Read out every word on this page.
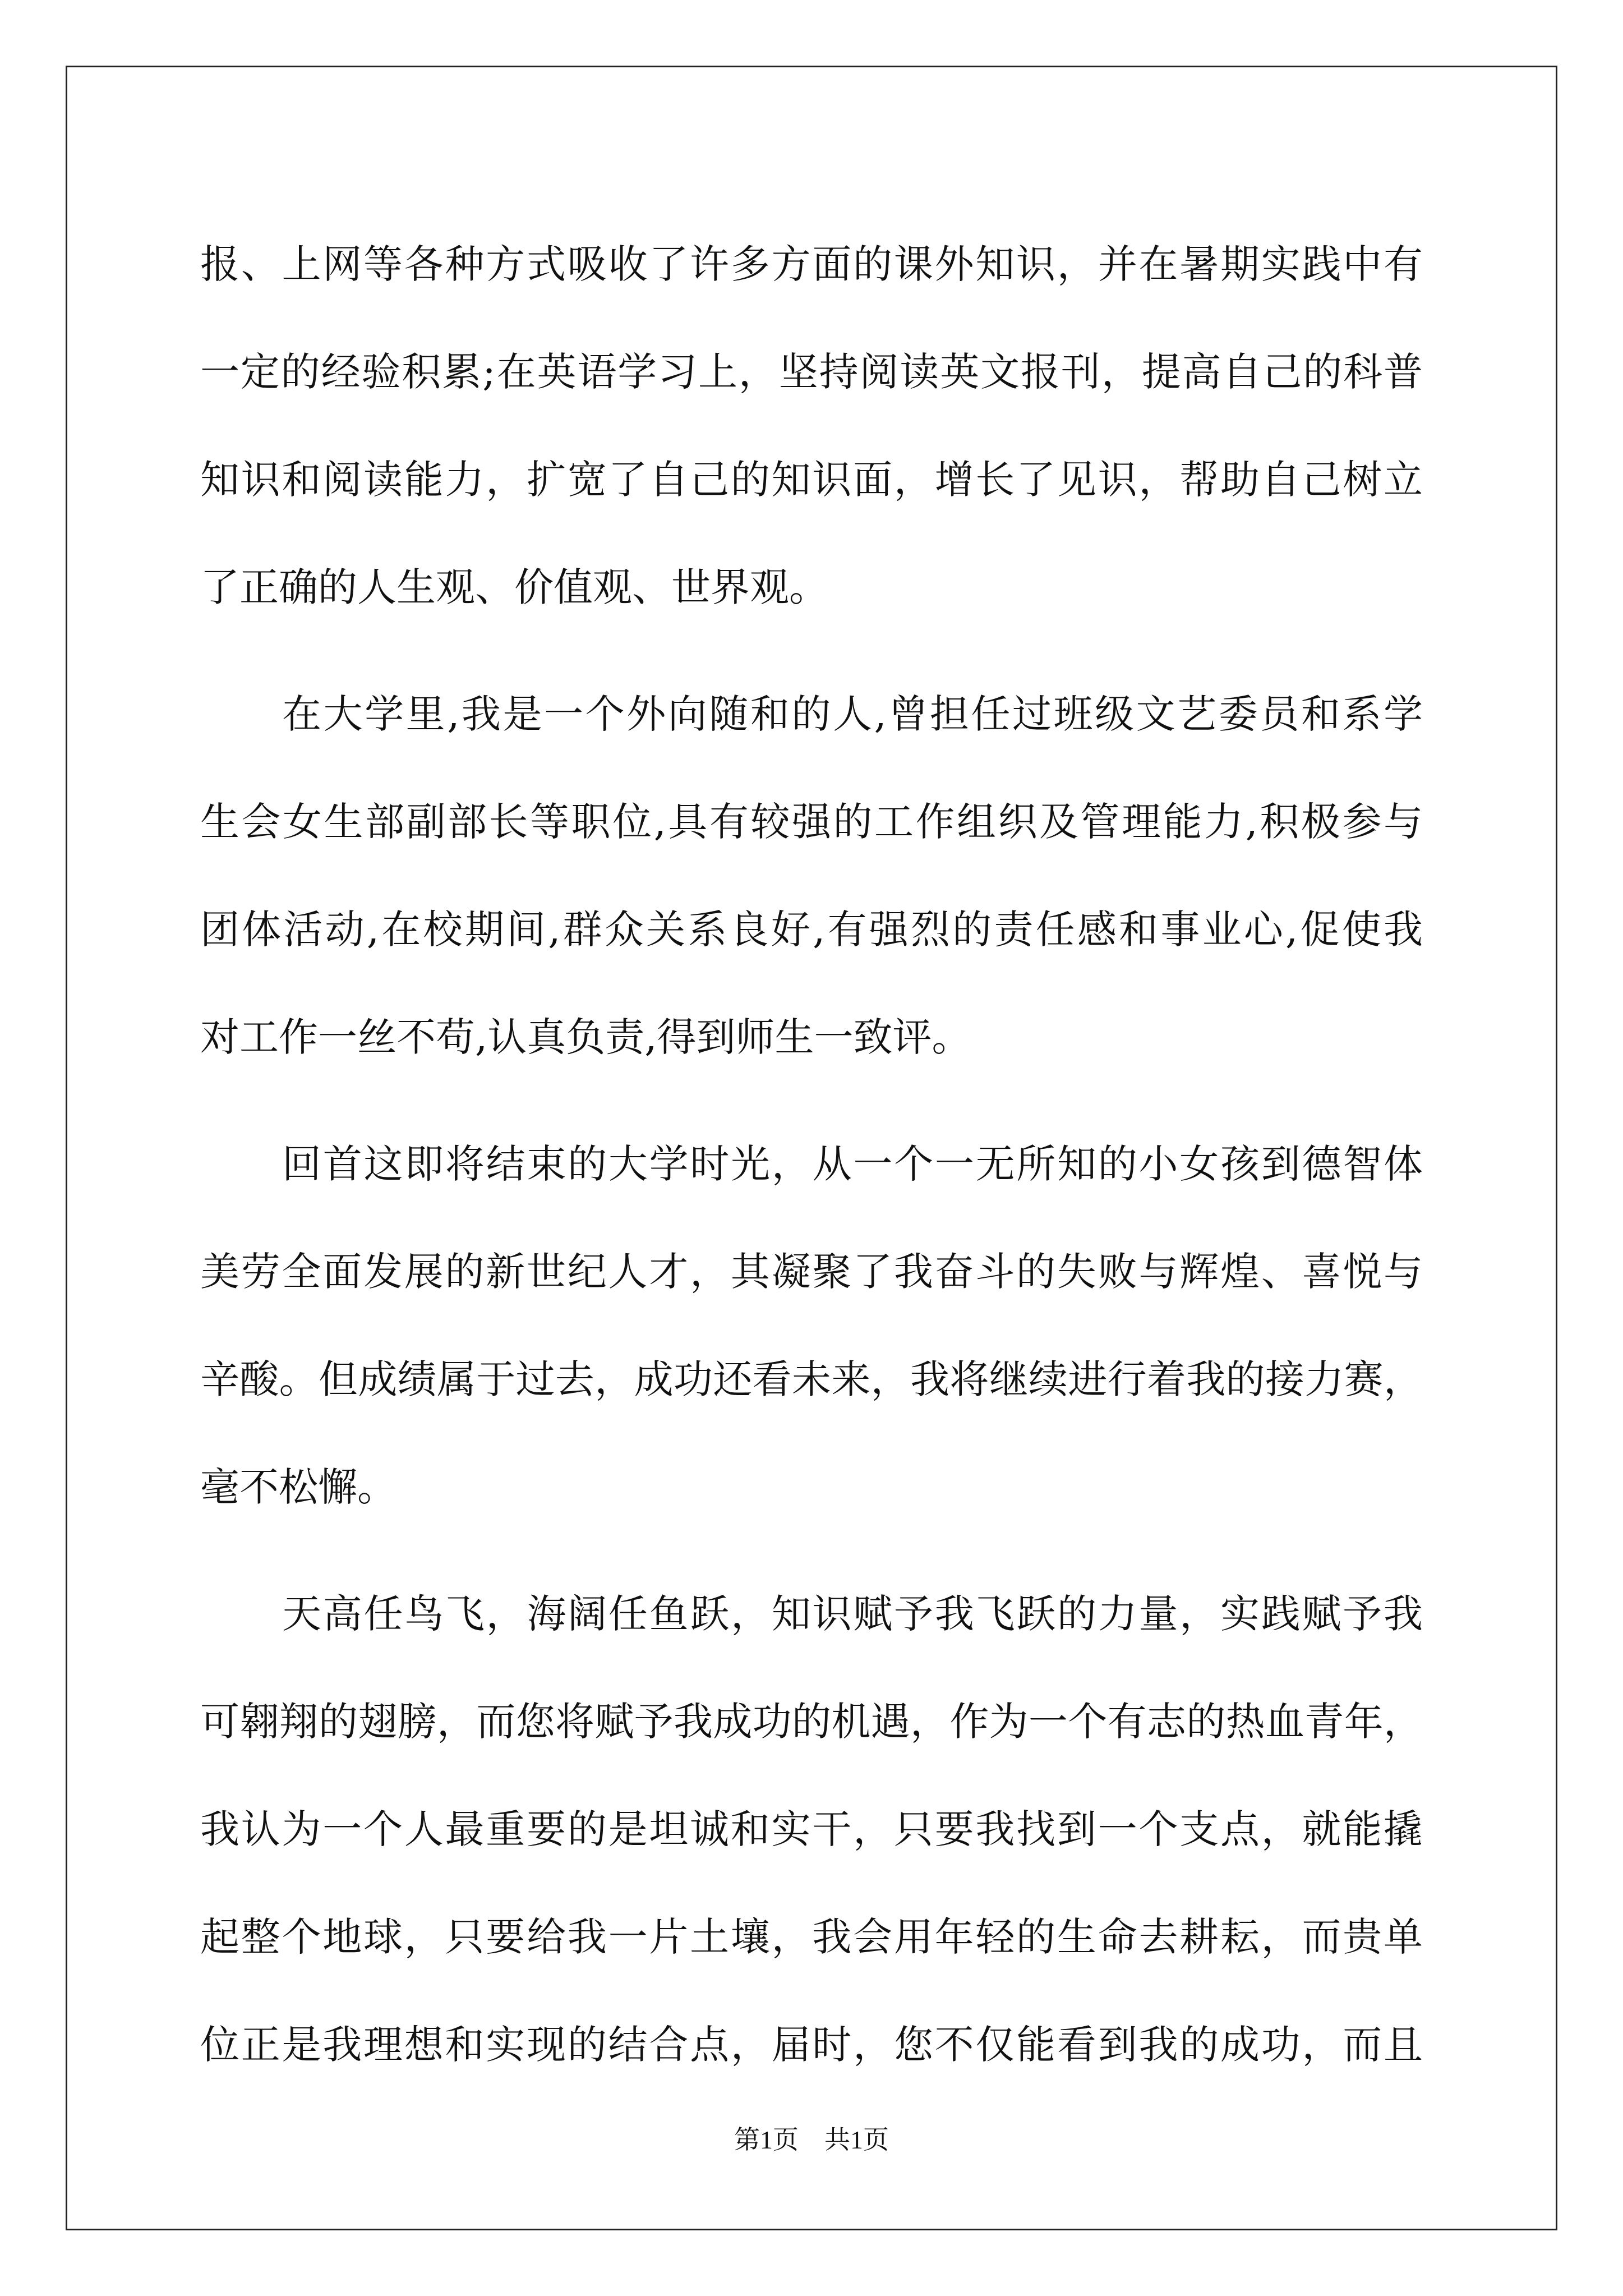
报、上网等各种方式吸收了许多方面的课外知识，并在暑期实践中有
一定的经验积累;在英语学习上，坚持阅读英文报刊，提高自己的科普
知识和阅读能力，扩宽了自己的知识面，增长了见识，帮助自己树立
了正确的人生观、价值观、世界观。
在大学里,我是一个外向随和的人,曾担任过班级文艺委员和系学
生会女生部副部长等职位,具有较强的工作组织及管理能力,积极参与
团体活动,在校期间,群众关系良好,有强烈的责任感和事业心,促使我
对工作一丝不苟,认真负责,得到师生一致评。
回首这即将结束的大学时光，从一个一无所知的小女孩到德智体
美劳全面发展的新世纪人才，其凝聚了我奋斗的失败与辉煌、喜悦与
辛酸。但成绩属于过去，成功还看未来，我将继续进行着我的接力赛，
毫不松懈。
天高任鸟飞，海阔任鱼跃，知识赋予我飞跃的力量，实践赋予我
可翱翔的翅膀，而您将赋予我成功的机遇，作为一个有志的热血青年，
我认为一个人最重要的是坦诚和实干，只要我找到一个支点，就能撬
起整个地球，只要给我一片土壤，我会用年轻的生命去耕耘，而贵单
位正是我理想和实现的结合点，届时，您不仅能看到我的成功，而且
第1页　共1页
